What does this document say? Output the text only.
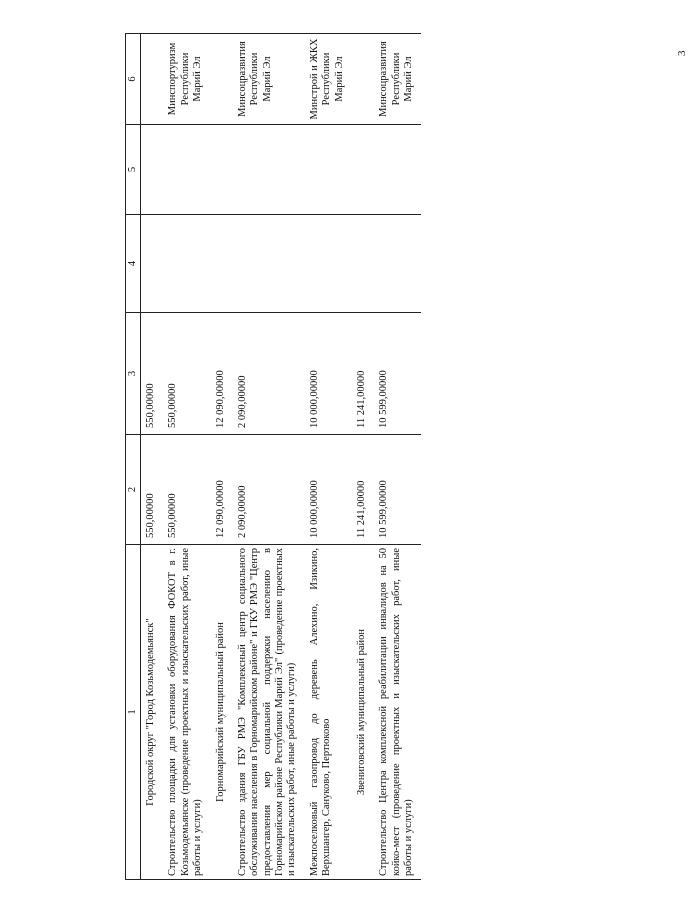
3
1	2	3	4	5	6
Городской округ "Город Козьмодемьянск"	550,00000	550,00000			
Строительство площадки для установки оборудования ФОКОТ в г. Козьмодемьянске (проведение проектных и изыскательских работ, иные работы и услуги)	550,00000	550,00000			Минспортуризм Республики Марий Эл
Горномарийский муниципальный район	12 090,00000	12 090,00000			
Строительство здания ГБУ РМЭ "Комплексный центр социального обслуживания населения в Горномарийском районе" и ГКУ РМЭ "Центр предоставления мер социальной поддержки населению в Горномарийском районе Республики Марий Эл" (проведение проектных и изыскательских работ, иные работы и услуги)	2 090,00000	2 090,00000			Минсоцразвития Республики Марий Эл
Межпоселковый газопровод до деревень Алехино, Изикино, Верхшангер, Сануково, Пертюково	10 000,00000	10 000,00000			Минстрой и ЖКХ Республики Марий Эл
Звениговский муниципальный район	11 241,00000	11 241,00000			
Строительство Центра комплексной реабилитации инвалидов на 50 койко-мест (проведение проектных и изыскательских работ, иные работы и услуги)	10 599,00000	10 599,00000			Минсоцразвития Республики Марий Эл
